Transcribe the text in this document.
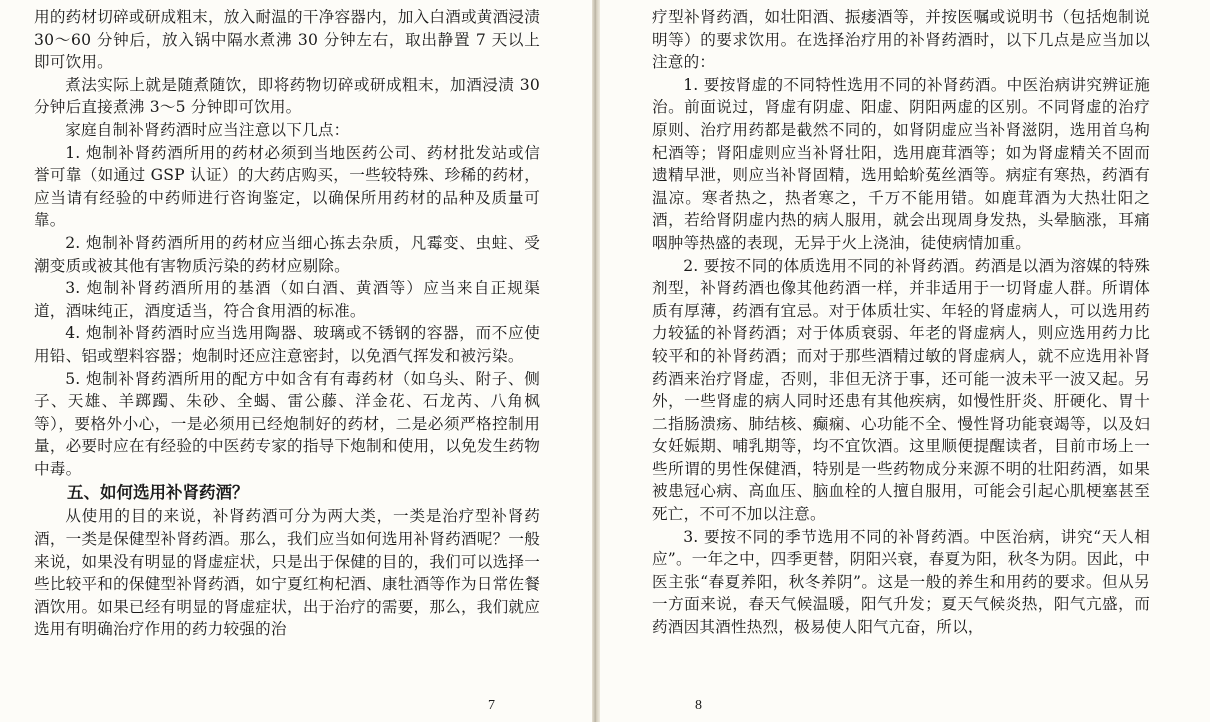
用的药材切碎或研成粗末，放入耐温的干净容器内，加入白酒或黄酒浸渍 30～60 分钟后，放入锅中隔水煮沸 30 分钟左右，取出静置 7 天以上即可饮用。

煮法实际上就是随煮随饮，即将药物切碎或研成粗末，加酒浸渍 30 分钟后直接煮沸 3～5 分钟即可饮用。

家庭自制补肾药酒时应当注意以下几点：

1. 炮制补肾药酒所用的药材必须到当地医药公司、药材批发站或信誉可靠（如通过 GSP 认证）的大药店购买，一些较特殊、珍稀的药材，应当请有经验的中药师进行咨询鉴定，以确保所用药材的品种及质量可靠。

2. 炮制补肾药酒所用的药材应当细心拣去杂质，凡霉变、虫蛀、受潮变质或被其他有害物质污染的药材应剔除。

3. 炮制补肾药酒所用的基酒（如白酒、黄酒等）应当来自正规渠道，酒味纯正，酒度适当，符合食用酒的标准。

4. 炮制补肾药酒时应当选用陶器、玻璃或不锈钢的容器，而不应使用铅、铝或塑料容器；炮制时还应注意密封，以免酒气挥发和被污染。

5. 炮制补肾药酒所用的配方中如含有有毒药材（如乌头、附子、侧子、天雄、羊踯躅、朱砂、全蝎、雷公藤、洋金花、石龙芮、八角枫等），要格外小心，一是必须用已经炮制好的药材，二是必须严格控制用量，必要时应在有经验的中医药专家的指导下炮制和使用，以免发生药物中毒。

五、如何选用补肾药酒？

从使用的目的来说，补肾药酒可分为两大类，一类是治疗型补肾药酒，一类是保健型补肾药酒。那么，我们应当如何选用补肾药酒呢？一般来说，如果没有明显的肾虚症状，只是出于保健的目的，我们可以选择一些比较平和的保健型补肾药酒，如宁夏红枸杞酒、康牡酒等作为日常佐餐酒饮用。如果已经有明显的肾虚症状，出于治疗的需要，那么，我们就应选用有明确治疗作用的药力较强的治

7

疗型补肾药酒，如壮阳酒、振痿酒等，并按医嘱或说明书（包括炮制说明等）的要求饮用。在选择治疗用的补肾药酒时，以下几点是应当加以注意的：

1. 要按肾虚的不同特性选用不同的补肾药酒。中医治病讲究辨证施治。前面说过，肾虚有阴虚、阳虚、阴阳两虚的区别。不同肾虚的治疗原则、治疗用药都是截然不同的，如肾阴虚应当补肾滋阴，选用首乌枸杞酒等；肾阳虚则应当补肾壮阳，选用鹿茸酒等；如为肾虚精关不固而遗精早泄，则应当补肾固精，选用蛤蚧菟丝酒等。病症有寒热，药酒有温凉。寒者热之，热者寒之，千万不能用错。如鹿茸酒为大热壮阳之酒，若给肾阴虚内热的病人服用，就会出现周身发热，头晕脑涨，耳痛咽肿等热盛的表现，无异于火上浇油，徒使病情加重。

2. 要按不同的体质选用不同的补肾药酒。药酒是以酒为溶媒的特殊剂型，补肾药酒也像其他药酒一样，并非适用于一切肾虚人群。所谓体质有厚薄，药酒有宜忌。对于体质壮实、年轻的肾虚病人，可以选用药力较猛的补肾药酒；对于体质衰弱、年老的肾虚病人，则应选用药力比较平和的补肾药酒；而对于那些酒精过敏的肾虚病人，就不应选用补肾药酒来治疗肾虚，否则，非但无济于事，还可能一波未平一波又起。另外，一些肾虚的病人同时还患有其他疾病，如慢性肝炎、肝硬化、胃十二指肠溃疡、肺结核、癫痫、心功能不全、慢性肾功能衰竭等，以及妇女妊娠期、哺乳期等，均不宜饮酒。这里顺便提醒读者，目前市场上一些所谓的男性保健酒，特别是一些药物成分来源不明的壮阳药酒，如果被患冠心病、高血压、脑血栓的人擅自服用，可能会引起心肌梗塞甚至死亡，不可不加以注意。

3. 要按不同的季节选用不同的补肾药酒。中医治病，讲究“天人相应”。一年之中，四季更替，阴阳兴衰，春夏为阳，秋冬为阴。因此，中医主张“春夏养阳，秋冬养阴”。这是一般的养生和用药的要求。但从另一方面来说，春天气候温暖，阳气升发；夏天气候炎热，阳气亢盛，而药酒因其酒性热烈，极易使人阳气亢奋，所以，

8
